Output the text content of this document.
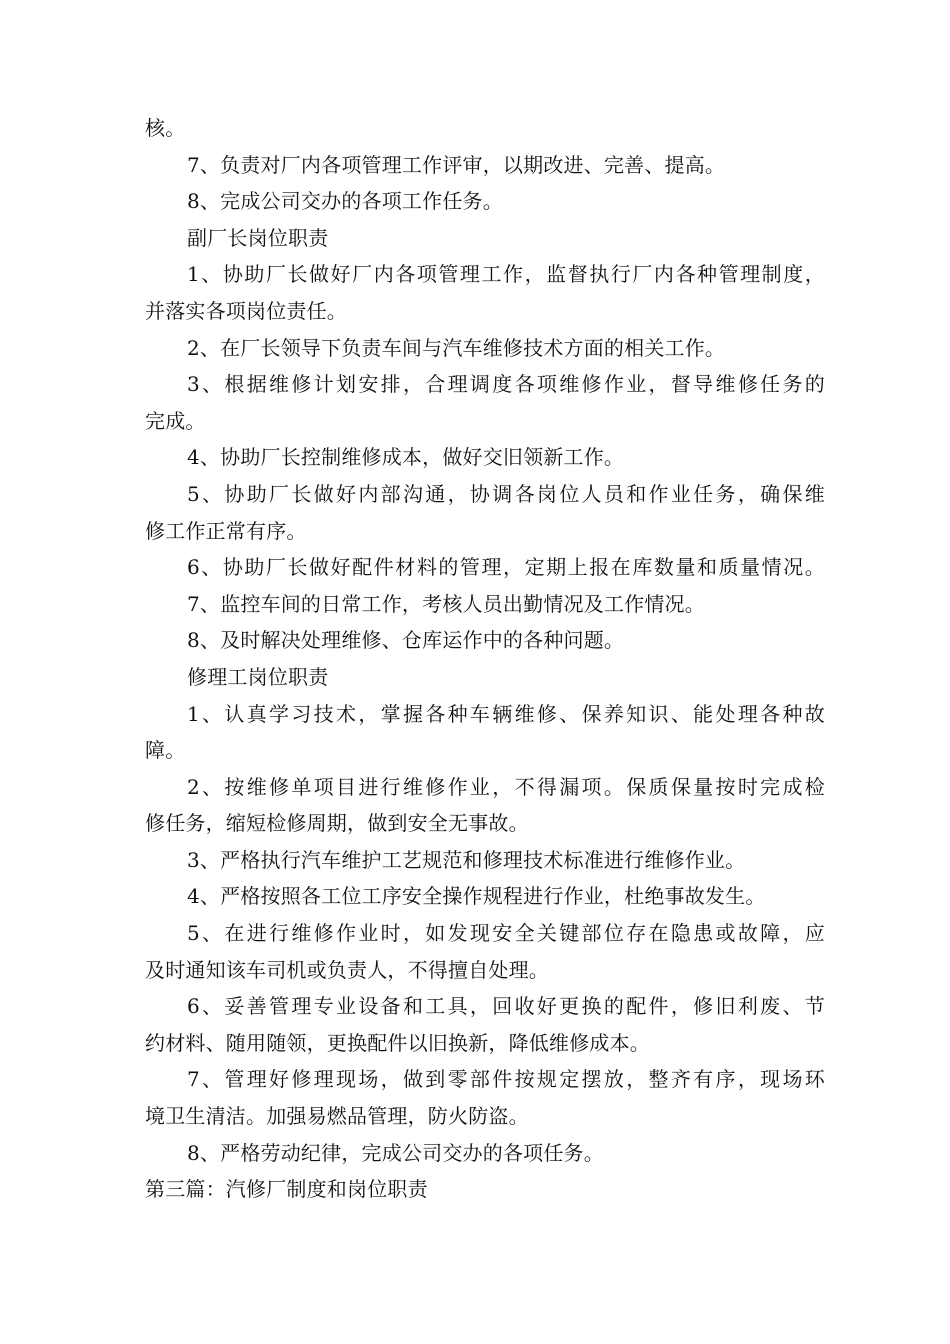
核。
7、负责对厂内各项管理工作评审，以期改进、完善、提高。
8、完成公司交办的各项工作任务。
副厂长岗位职责
1、协助厂长做好厂内各项管理工作，监督执行厂内各种管理制度，
并落实各项岗位责任。
2、在厂长领导下负责车间与汽车维修技术方面的相关工作。
3、根据维修计划安排，合理调度各项维修作业，督导维修任务的
完成。
4、协助厂长控制维修成本，做好交旧领新工作。
5、协助厂长做好内部沟通，协调各岗位人员和作业任务，确保维
修工作正常有序。
6、协助厂长做好配件材料的管理，定期上报在库数量和质量情况。
7、监控车间的日常工作，考核人员出勤情况及工作情况。
8、及时解决处理维修、仓库运作中的各种问题。
修理工岗位职责
1、认真学习技术，掌握各种车辆维修、保养知识、能处理各种故
障。
2、按维修单项目进行维修作业，不得漏项。保质保量按时完成检
修任务，缩短检修周期，做到安全无事故。
3、严格执行汽车维护工艺规范和修理技术标准进行维修作业。
4、严格按照各工位工序安全操作规程进行作业，杜绝事故发生。
5、在进行维修作业时，如发现安全关键部位存在隐患或故障，应
及时通知该车司机或负责人，不得擅自处理。
6、妥善管理专业设备和工具，回收好更换的配件，修旧利废、节
约材料、随用随领，更换配件以旧换新，降低维修成本。
7、管理好修理现场，做到零部件按规定摆放，整齐有序，现场环
境卫生清洁。加强易燃品管理，防火防盗。
8、严格劳动纪律，完成公司交办的各项任务。
第三篇：汽修厂制度和岗位职责
